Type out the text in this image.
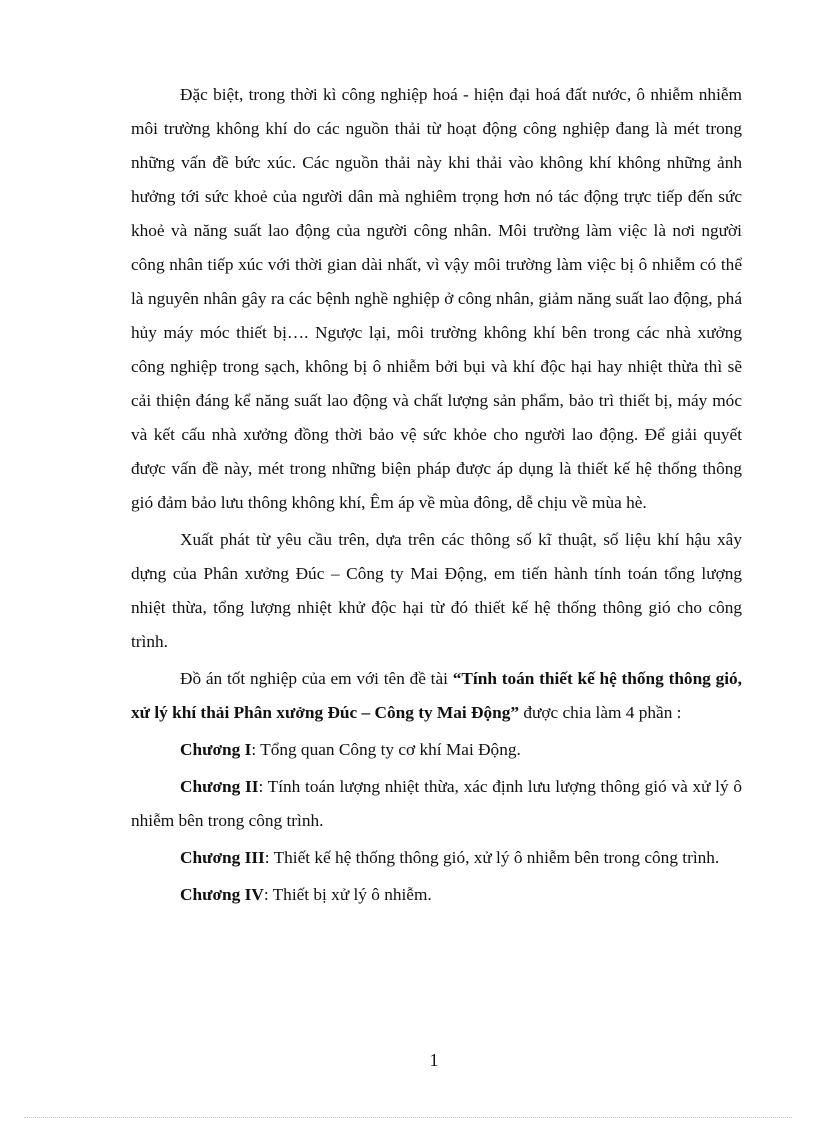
Đặc biệt, trong thời kì công nghiệp hoá - hiện đại hoá đất nước, ô nhiễm nhiễm môi trường không khí do các nguồn thải từ hoạt động công nghiệp đang là mét trong những vấn đề bức xúc. Các nguồn thải này khi thải vào không khí không những ảnh hưởng tới sức khoẻ của người dân mà nghiêm trọng hơn nó tác động trực tiếp đến sức khoẻ và năng suất lao động của người công nhân. Môi trường làm việc là nơi người công nhân tiếp xúc với thời gian dài nhất, vì vậy môi trường làm việc bị ô nhiễm có thể là nguyên nhân gây ra các bệnh nghề nghiệp ở công nhân, giảm năng suất lao động, phá hủy máy móc thiết bị…. Ngược lại, môi trường không khí bên trong các nhà xưởng công nghiệp trong sạch, không bị ô nhiễm bởi bụi và khí độc hại hay nhiệt thừa thì sẽ cải thiện đáng kể năng suất lao động và chất lượng sản phẩm, bảo trì thiết bị, máy móc và kết cấu nhà xưởng đồng thời bảo vệ sức khỏe cho người lao động. Để giải quyết được vấn đề này, mét trong những biện pháp được áp dụng là thiết kế hệ thống thông gió đảm bảo lưu thông không khí, Êm áp về mùa đông, dễ chịu về mùa hè.

Xuất phát từ yêu cầu trên, dựa trên các thông số kĩ thuật, số liệu khí hậu xây dựng của Phân xưởng Đúc – Công ty Mai Động, em tiến hành tính toán tổng lượng nhiệt thừa, tổng lượng nhiệt khử độc hại từ đó thiết kế hệ thống thông gió cho công trình.

Đồ án tốt nghiệp của em với tên đề tài “Tính toán thiết kế hệ thống thông gió, xử lý khí thải Phân xưởng Đúc – Công ty Mai Động” được chia làm 4 phần :

Chương I: Tổng quan Công ty cơ khí Mai Động.

Chương II: Tính toán lượng nhiệt thừa, xác định lưu lượng thông gió và xử lý ô nhiễm bên trong công trình.

Chương III: Thiết kế hệ thống thông gió, xử lý ô nhiễm bên trong công trình.

Chương IV: Thiết bị xử lý ô nhiễm.

1
